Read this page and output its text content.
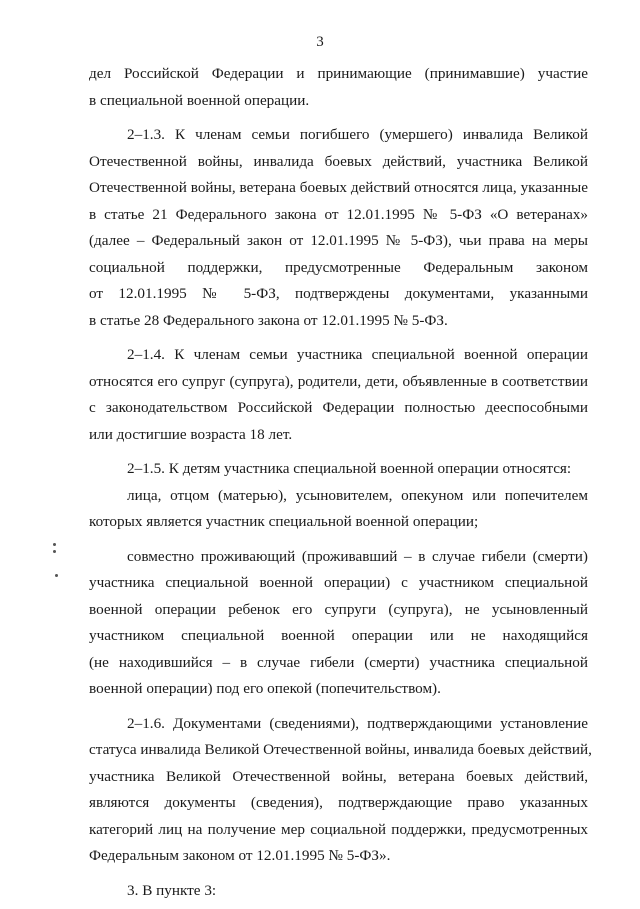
3
дел Российской Федерации и принимающие (принимавшие) участие
в специальной военной операции.
2–1.3. К членам семьи погибшего (умершего) инвалида Великой
Отечественной войны, инвалида боевых действий, участника Великой
Отечественной войны, ветерана боевых действий относятся лица, указанные
в статье 21 Федерального закона от 12.01.1995 № 5-ФЗ «О ветеранах»
(далее – Федеральный закон от 12.01.1995 № 5-ФЗ), чьи права на меры
социальной поддержки, предусмотренные Федеральным законом
от 12.01.1995 № 5-ФЗ, подтверждены документами, указанными
в статье 28 Федерального закона от 12.01.1995 № 5-ФЗ.
2–1.4. К членам семьи участника специальной военной операции
относятся его супруг (супруга), родители, дети, объявленные в соответствии
с законодательством Российской Федерации полностью дееспособными
или достигшие возраста 18 лет.
2–1.5. К детям участника специальной военной операции относятся:
лица, отцом (матерью), усыновителем, опекуном или попечителем
которых является участник специальной военной операции;
совместно проживающий (проживавший – в случае гибели (смерти)
участника специальной военной операции) с участником специальной
военной операции ребенок его супруги (супруга), не усыновленный
участником специальной военной операции или не находящийся
(не находившийся – в случае гибели (смерти) участника специальной
военной операции) под его опекой (попечительством).
2–1.6. Документами (сведениями), подтверждающими установление
статуса инвалида Великой Отечественной войны, инвалида боевых действий,
участника Великой Отечественной войны, ветерана боевых действий,
являются документы (сведения), подтверждающие право указанных
категорий лиц на получение мер социальной поддержки, предусмотренных
Федеральным законом от 12.01.1995 № 5-ФЗ».
3. В пункте 3:
